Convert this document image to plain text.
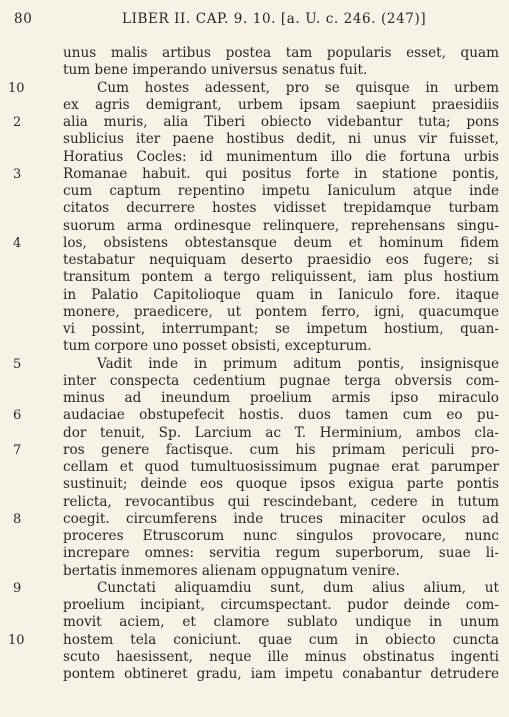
80	LIBER II. CAP. 9. 10. [a. U. c. 246. (247)]
unus malis artibus postea tam popularis esset, quam
tum bene imperando universus senatus fuit.
10	Cum hostes adessent, pro se quisque in urbem
ex agris demigrant, urbem ipsam saepiunt praesidiis
2	alia muris, alia Tiberi obiecto videbantur tuta; pons
sublicius iter paene hostibus dedit, ni unus vir fuisset,
Horatius Cocles: id munimentum illo die fortuna urbis
3	Romanae habuit. qui positus forte in statione pontis,
cum captum repentino impetu Ianiculum atque inde
citatos decurrere hostes vidisset trepidamque turbam
suorum arma ordinesque relinquere, reprehensans singu-
4	los, obsistens obtestansque deum et hominum fidem
testabatur nequiquam deserto praesidio eos fugere; si
transitum pontem a tergo reliquissent, iam plus hostium
in Palatio Capitolioque quam in Ianiculo fore. itaque
monere, praedicere, ut pontem ferro, igni, quacumque
vi possint, interrumpant; se impetum hostium, quan-
tum corpore uno posset obsisti, excepturum.
5	Vadit inde in primum aditum pontis, insignisque
inter conspecta cedentium pugnae terga obversis com-
minus ad ineundum proelium armis ipso miraculo
6	audaciae obstupefecit hostis. duos tamen cum eo pu-
dor tenuit, Sp. Larcium ac T. Herminium, ambos cla-
7	ros genere factisque. cum his primam periculi pro-
cellam et quod tumultuosissimum pugnae erat parumper
sustinuit; deinde eos quoque ipsos exigua parte pontis
relicta, revocantibus qui rescindebant, cedere in tutum
8	coegit. circumferens inde truces minaciter oculos ad
proceres Etruscorum nunc singulos provocare, nunc
increpare omnes: servitia regum superborum, suae li-
bertatis inmemores alienam oppugnatum venire.
9	Cunctati aliquamdiu sunt, dum alius alium, ut
proelium incipiant, circumspectant. pudor deinde com-
movit aciem, et clamore sublato undique in unum
10	hostem tela coniciunt. quae cum in obiecto cuncta
scuto haesissent, neque ille minus obstinatus ingenti
pontem obtineret gradu, iam impetu conabantur detrudere
